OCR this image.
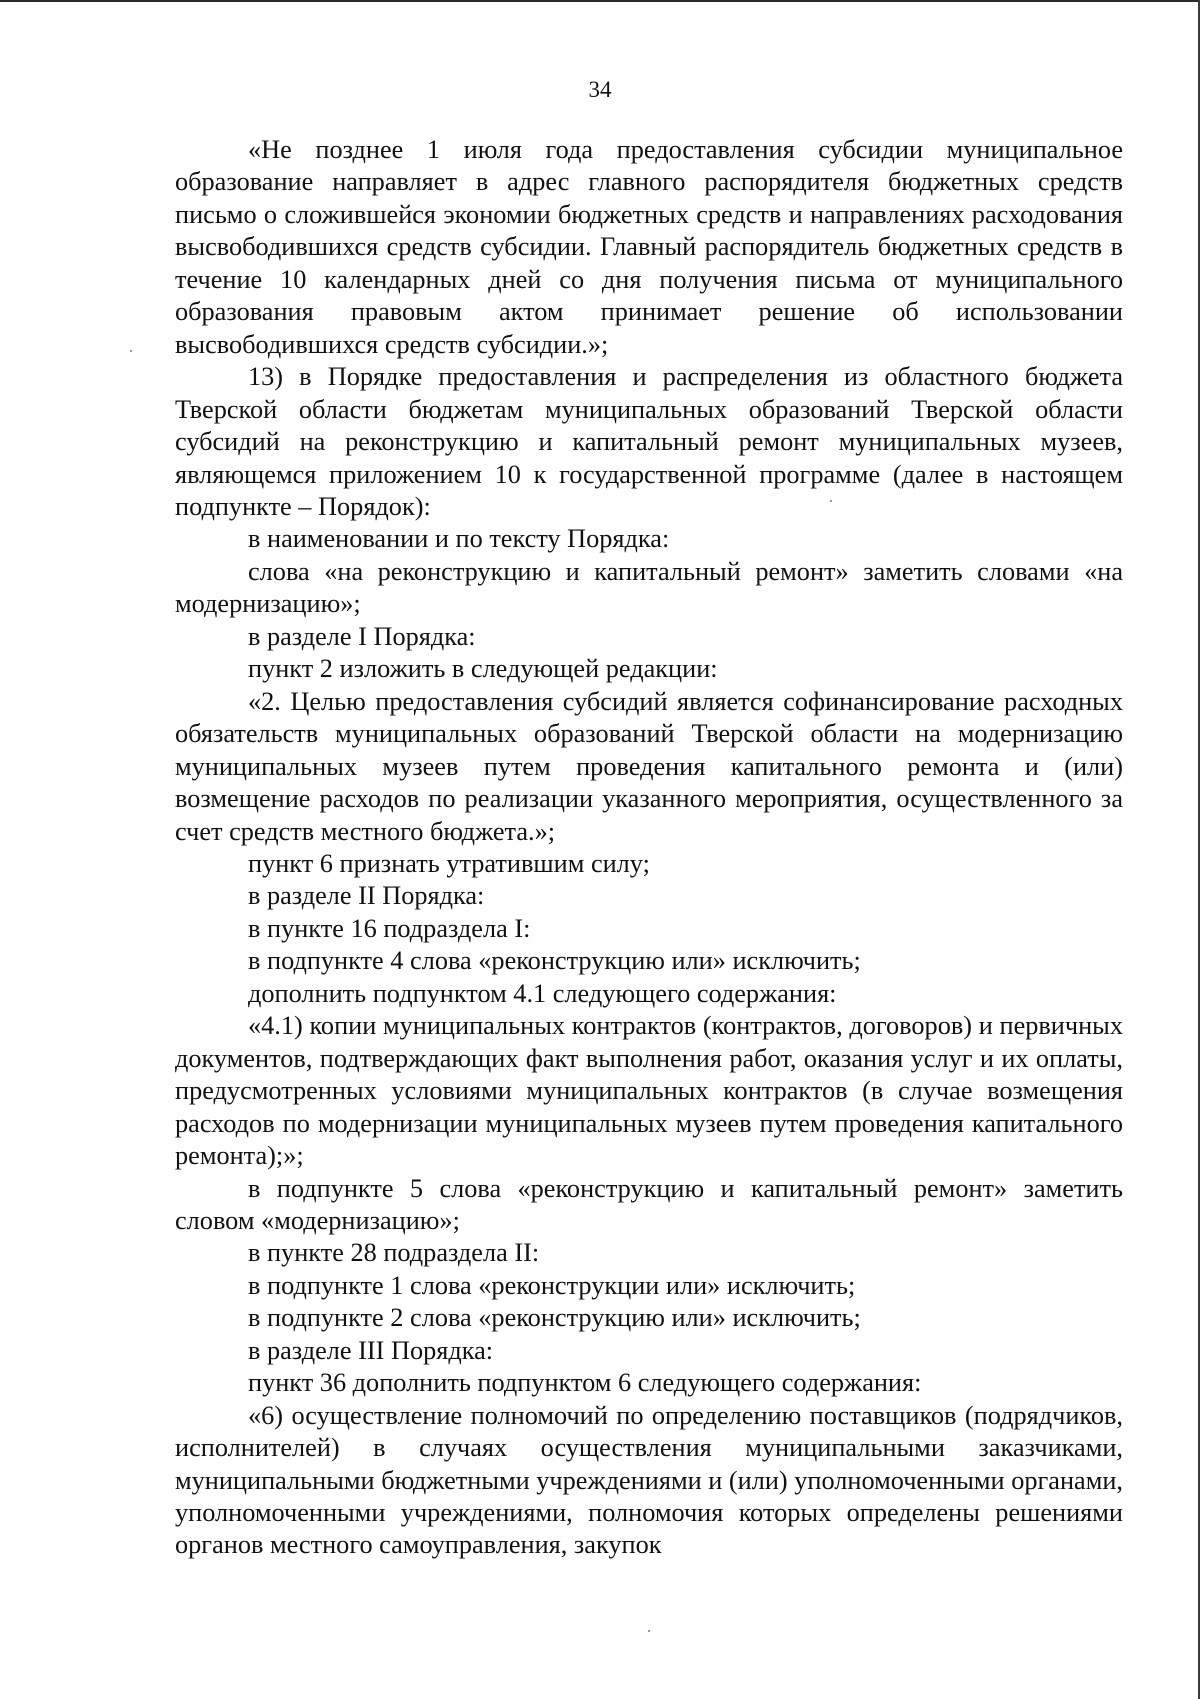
34

«Не позднее 1 июля года предоставления субсидии муниципальное образование направляет в адрес главного распорядителя бюджетных средств письмо о сложившейся экономии бюджетных средств и направлениях расходования высвободившихся средств субсидии. Главный распорядитель бюджетных средств в течение 10 календарных дней со дня получения письма от муниципального образования правовым актом принимает решение об использовании высвободившихся средств субсидии.»;

13) в Порядке предоставления и распределения из областного бюджета Тверской области бюджетам муниципальных образований Тверской области субсидий на реконструкцию и капитальный ремонт муниципальных музеев, являющемся приложением 10 к государственной программе (далее в настоящем подпункте – Порядок):

в наименовании и по тексту Порядка:

слова «на реконструкцию и капитальный ремонт» заметить словами «на модернизацию»;

в разделе I Порядка:

пункт 2 изложить в следующей редакции:

«2. Целью предоставления субсидий является софинансирование расходных обязательств муниципальных образований Тверской области на модернизацию муниципальных музеев путем проведения капитального ремонта и (или) возмещение расходов по реализации указанного мероприятия, осуществленного за счет средств местного бюджета.»;

пункт 6 признать утратившим силу;

в разделе II Порядка:

в пункте 16 подраздела I:

в подпункте 4 слова «реконструкцию или» исключить;

дополнить подпунктом 4.1 следующего содержания:

«4.1) копии муниципальных контрактов (контрактов, договоров) и первичных документов, подтверждающих факт выполнения работ, оказания услуг и их оплаты, предусмотренных условиями муниципальных контрактов (в случае возмещения расходов по модернизации муниципальных музеев путем проведения капитального ремонта);»;

в подпункте 5 слова «реконструкцию и капитальный ремонт» заметить словом «модернизацию»;

в пункте 28 подраздела II:

в подпункте 1 слова «реконструкции или» исключить;

в подпункте 2 слова «реконструкцию или» исключить;

в разделе III Порядка:

пункт 36 дополнить подпунктом 6 следующего содержания:

«6) осуществление полномочий по определению поставщиков (подрядчиков, исполнителей) в случаях осуществления муниципальными заказчиками, муниципальными бюджетными учреждениями и (или) уполномоченными органами, уполномоченными учреждениями, полномочия которых определены решениями органов местного самоуправления, закупок
